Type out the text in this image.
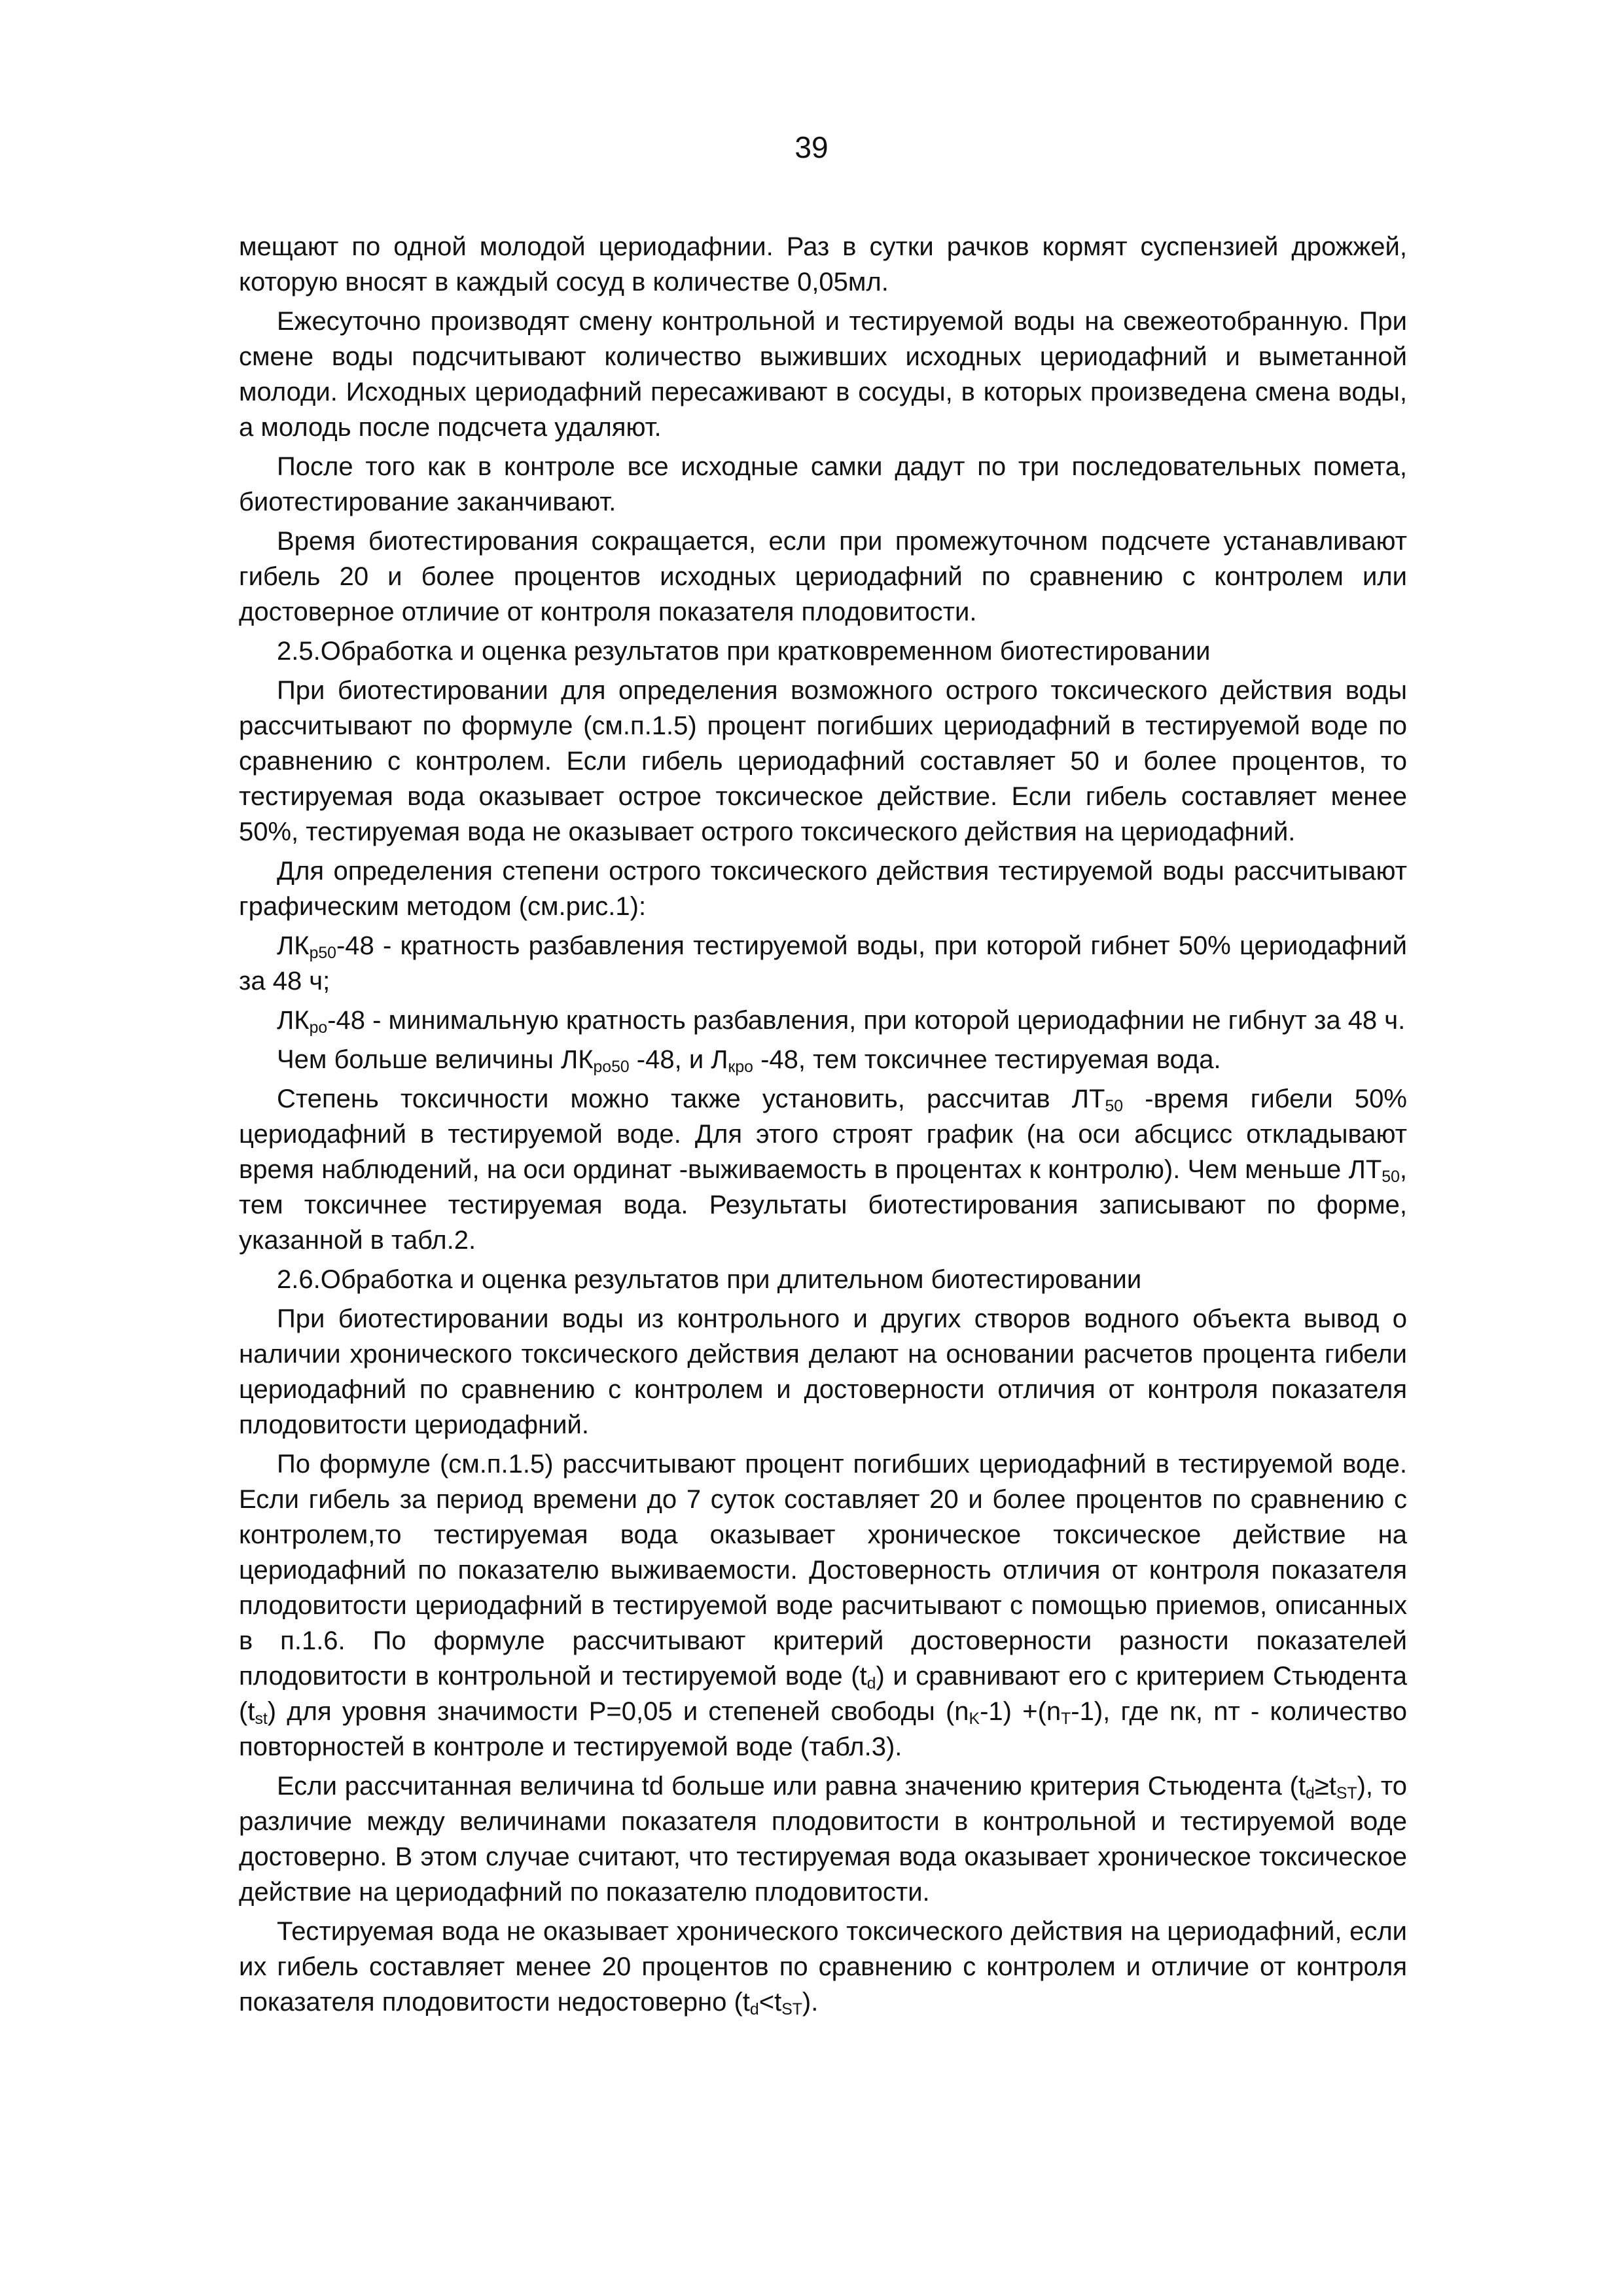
39

мещают по одной молодой цериодафнии. Раз в сутки рачков кормят суспензией дрожжей, которую вносят в каждый сосуд в количестве 0,05мл.

Ежесуточно производят смену контрольной и тестируемой воды на свежеотобранную. При смене воды подсчитывают количество выживших исходных цериодафний и выметанной молоди. Исходных цериодафний пересаживают в сосуды, в которых произведена смена воды, а молодь после подсчета удаляют.

После того как в контроле все исходные самки дадут по три последовательных помета, биотестирование заканчивают.

Время биотестирования сокращается, если при промежуточном подсчете устанавливают гибель 20 и более процентов исходных цериодафний по сравнению с контролем или достоверное отличие от контроля показателя плодовитости.

2.5.Обработка и оценка результатов при кратковременном биотестировании

При биотестировании для определения возможного острого токсического действия воды рассчитывают по формуле (см.п.1.5) процент погибших цериодафний в тестируемой воде по сравнению с контролем. Если гибель цериодафний составляет 50 и более процентов, то тестируемая вода оказывает острое токсическое действие. Если гибель составляет менее 50%, тестируемая вода не оказывает острого токсического действия на цериодафний.

Для определения степени острого токсического действия тестируемой воды рассчитывают графическим методом (см.рис.1):

$ЛК_{р50}-48$ - кратность разбавления тестируемой воды, при которой гибнет 50% цериодафний за 48 ч;

$ЛК_{ро}-48$ - минимальную кратность разбавления, при которой цериодафнии не гибнут за 48 ч.

Чем больше величины $ЛК_{ро50}$ -48, и $Л_{кро}$ -48, тем токсичнее тестируемая вода.

Степень токсичности можно также установить, рассчитав $ЛТ_{50}$ -время гибели 50% цериодафний в тестируемой воде. Для этого строят график (на оси абсцисс откладывают время наблюдений, на оси ординат -выживаемость в процентах к контролю). Чем меньше $ЛТ_{50}$, тем токсичнее тестируемая вода. Результаты биотестирования записывают по форме, указанной в табл.2.

2.6.Обработка и оценка результатов при длительном биотестировании

При биотестировании воды из контрольного и других створов водного объекта вывод о наличии хронического токсического действия делают на основании расчетов процента гибели цериодафний по сравнению с контролем и достоверности отличия от контроля показателя плодовитости цериодафний.

По формуле (см.п.1.5) рассчитывают процент погибших цериодафний в тестируемой воде. Если гибель за период времени до 7 суток составляет 20 и более процентов по сравнению с контролем,то тестируемая вода оказывает хроническое токсическое действие на цериодафний по показателю выживаемости. Достоверность отличия от контроля показателя плодовитости цериодафний в тестируемой воде расчитывают с помощью приемов, описанных в п.1.6. По формуле рассчитывают критерий достоверности разности показателей плодовитости в контрольной и тестируемой воде $(t_d)$ и сравнивают его с критерием Стьюдента $(t_{st})$ для уровня значимости P=0,05 и степеней свободы $(n_K-1) +(n_T-1)$, где nк, nт - количество повторностей в контроле и тестируемой воде (табл.3).

Если рассчитанная величина td больше или равна значению критерия Стьюдента $(t_d\ge t_{ST})$, то различие между величинами показателя плодовитости в контрольной и тестируемой воде достоверно. В этом случае считают, что тестируемая вода оказывает хроническое токсическое действие на цериодафний по показателю плодовитости.

Тестируемая вода не оказывает хронического токсического действия на цериодафний, если их гибель составляет менее 20 процентов по сравнению с контролем и отличие от контроля показателя плодовитости недостоверно $(t_d<t_{ST})$.
